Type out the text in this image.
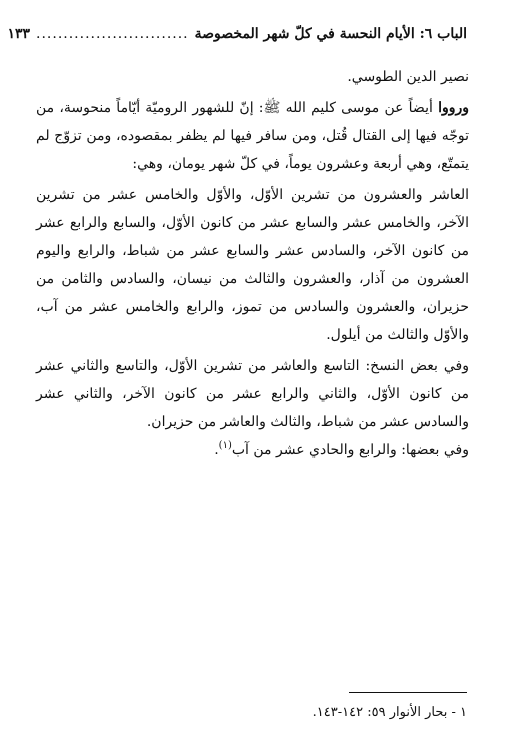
الباب ٦: الأيام النحسة في كلّ شهر المخصوصة
............................
١٣٣

نصير الدين الطوسي.

ورووا أيضاً عن موسى كليم الله ﷺ: إنّ للشهور الروميّة أيّاماً منحوسة، من توجّه فيها إلى القتال قُتل، ومن سافر فيها لم يظفر بمقصوده، ومن تزوّج لم يتمتّع، وهي أربعة وعشرون يوماً، في كلّ شهر يومان، وهي:

العاشر والعشرون من تشرين الأوّل، والأوّل والخامس عشر من تشرين الآخر، والخامس عشر والسابع عشر من كانون الأوّل، والسابع والرابع عشر من كانون الآخر، والسادس عشر والسابع عشر من شباط، والرابع واليوم العشرون من آذار، والعشرون والثالث من نيسان، والسادس والثامن من حزيران، والعشرون والسادس من تموز، والرابع والخامس عشر من آب، والأوّل والثالث من أيلول.

وفي بعض النسخ: التاسع والعاشر من تشرين الأوّل، والتاسع والثاني عشر من كانون الأوّل، والثاني والرابع عشر من كانون الآخر، والثاني عشر والسادس عشر من شباط، والثالث والعاشر من حزيران.

وفي بعضها: والرابع والحادي عشر من آب$^{(١)}$.

١ - بحار الأنوار ٥٩: ١٤٢-١٤٣.
